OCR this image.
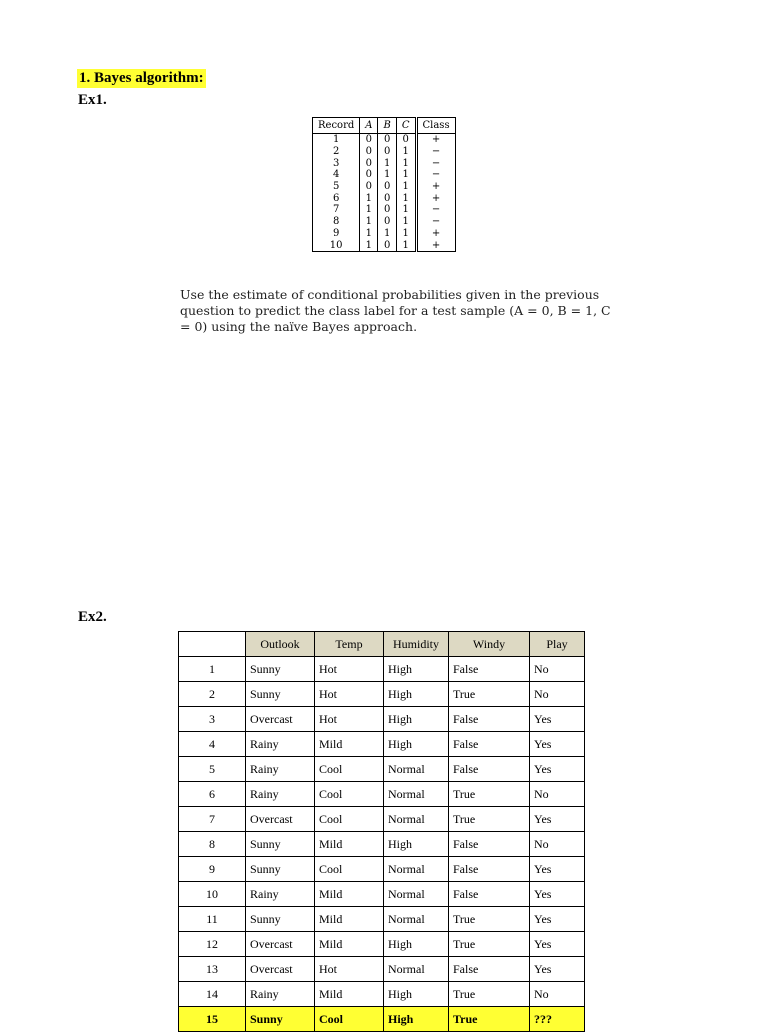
1. Bayes algorithm:
Ex1.
Record	A	B	C	Class
1	0	0	0	+
2	0	0	1	−
3	0	1	1	−
4	0	1	1	−
5	0	0	1	+
6	1	0	1	+
7	1	0	1	−
8	1	0	1	−
9	1	1	1	+
10	1	0	1	+
Use the estimate of conditional probabilities given in the previous question to predict the class label for a test sample (A = 0, B = 1, C = 0) using the naïve Bayes approach.
Ex2.
	Outlook	Temp	Humidity	Windy	Play
1	Sunny	Hot	High	False	No
2	Sunny	Hot	High	True	No
3	Overcast	Hot	High	False	Yes
4	Rainy	Mild	High	False	Yes
5	Rainy	Cool	Normal	False	Yes
6	Rainy	Cool	Normal	True	No
7	Overcast	Cool	Normal	True	Yes
8	Sunny	Mild	High	False	No
9	Sunny	Cool	Normal	False	Yes
10	Rainy	Mild	Normal	False	Yes
11	Sunny	Mild	Normal	True	Yes
12	Overcast	Mild	High	True	Yes
13	Overcast	Hot	Normal	False	Yes
14	Rainy	Mild	High	True	No
15	Sunny	Cool	High	True	???
